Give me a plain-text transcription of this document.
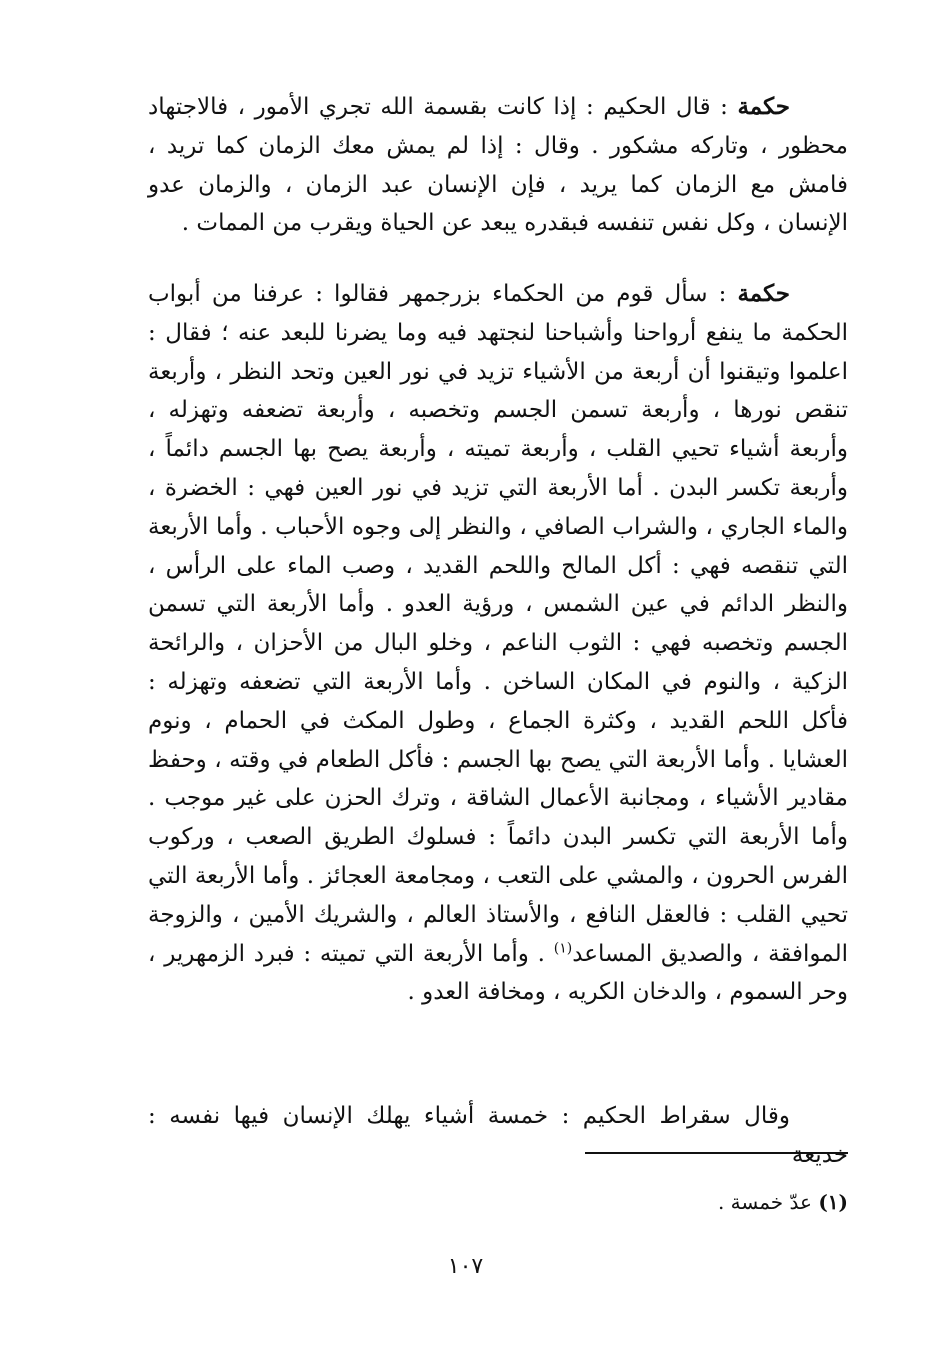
حكمة : قال الحكيم : إذا كانت بقسمة الله تجري الأمور ، فالاجتهاد محظور ، وتاركه مشكور . وقال : إذا لم يمش معك الزمان كما تريد ، فامش مع الزمان كما يريد ، فإن الإنسان عبد الزمان ، والزمان عدو الإنسان ، وكل نفس تنفسه فبقدره يبعد عن الحياة ويقرب من الممات .

حكمة : سأل قوم من الحكماء بزرجمهر فقالوا : عرفنا من أبواب الحكمة ما ينفع أرواحنا وأشباحنا لنجتهد فيه وما يضرنا للبعد عنه ؛ فقال : اعلموا وتيقنوا أن أربعة من الأشياء تزيد في نور العين وتحد النظر ، وأربعة تنقص نورها ، وأربعة تسمن الجسم وتخصبه ، وأربعة تضعفه وتهزله ، وأربعة أشياء تحيي القلب ، وأربعة تميته ، وأربعة يصح بها الجسم دائماً ، وأربعة تكسر البدن . أما الأربعة التي تزيد في نور العين فهي : الخضرة ، والماء الجاري ، والشراب الصافي ، والنظر إلى وجوه الأحباب . وأما الأربعة التي تنقصه فهي : أكل المالح واللحم القديد ، وصب الماء على الرأس ، والنظر الدائم في عين الشمس ، ورؤية العدو . وأما الأربعة التي تسمن الجسم وتخصبه فهي : الثوب الناعم ، وخلو البال من الأحزان ، والرائحة الزكية ، والنوم في المكان الساخن . وأما الأربعة التي تضعفه وتهزله : فأكل اللحم القديد ، وكثرة الجماع ، وطول المكث في الحمام ، ونوم العشايا . وأما الأربعة التي يصح بها الجسم : فأكل الطعام في وقته ، وحفظ مقادير الأشياء ، ومجانبة الأعمال الشاقة ، وترك الحزن على غير موجب . وأما الأربعة التي تكسر البدن دائماً : فسلوك الطريق الصعب ، وركوب الفرس الحرون ، والمشي على التعب ، ومجامعة العجائز . وأما الأربعة التي تحيي القلب : فالعقل النافع ، والأستاذ العالم ، والشريك الأمين ، والزوجة الموافقة ، والصديق المساعد$^{(١)}$ . وأما الأربعة التي تميته : فبرد الزمهرير ، وحر السموم ، والدخان الكريه ، ومخافة العدو .

وقال سقراط الحكيم : خمسة أشياء يهلك الإنسان فيها نفسه : خديعة

(١) عدّ خمسة .
١٠٧
